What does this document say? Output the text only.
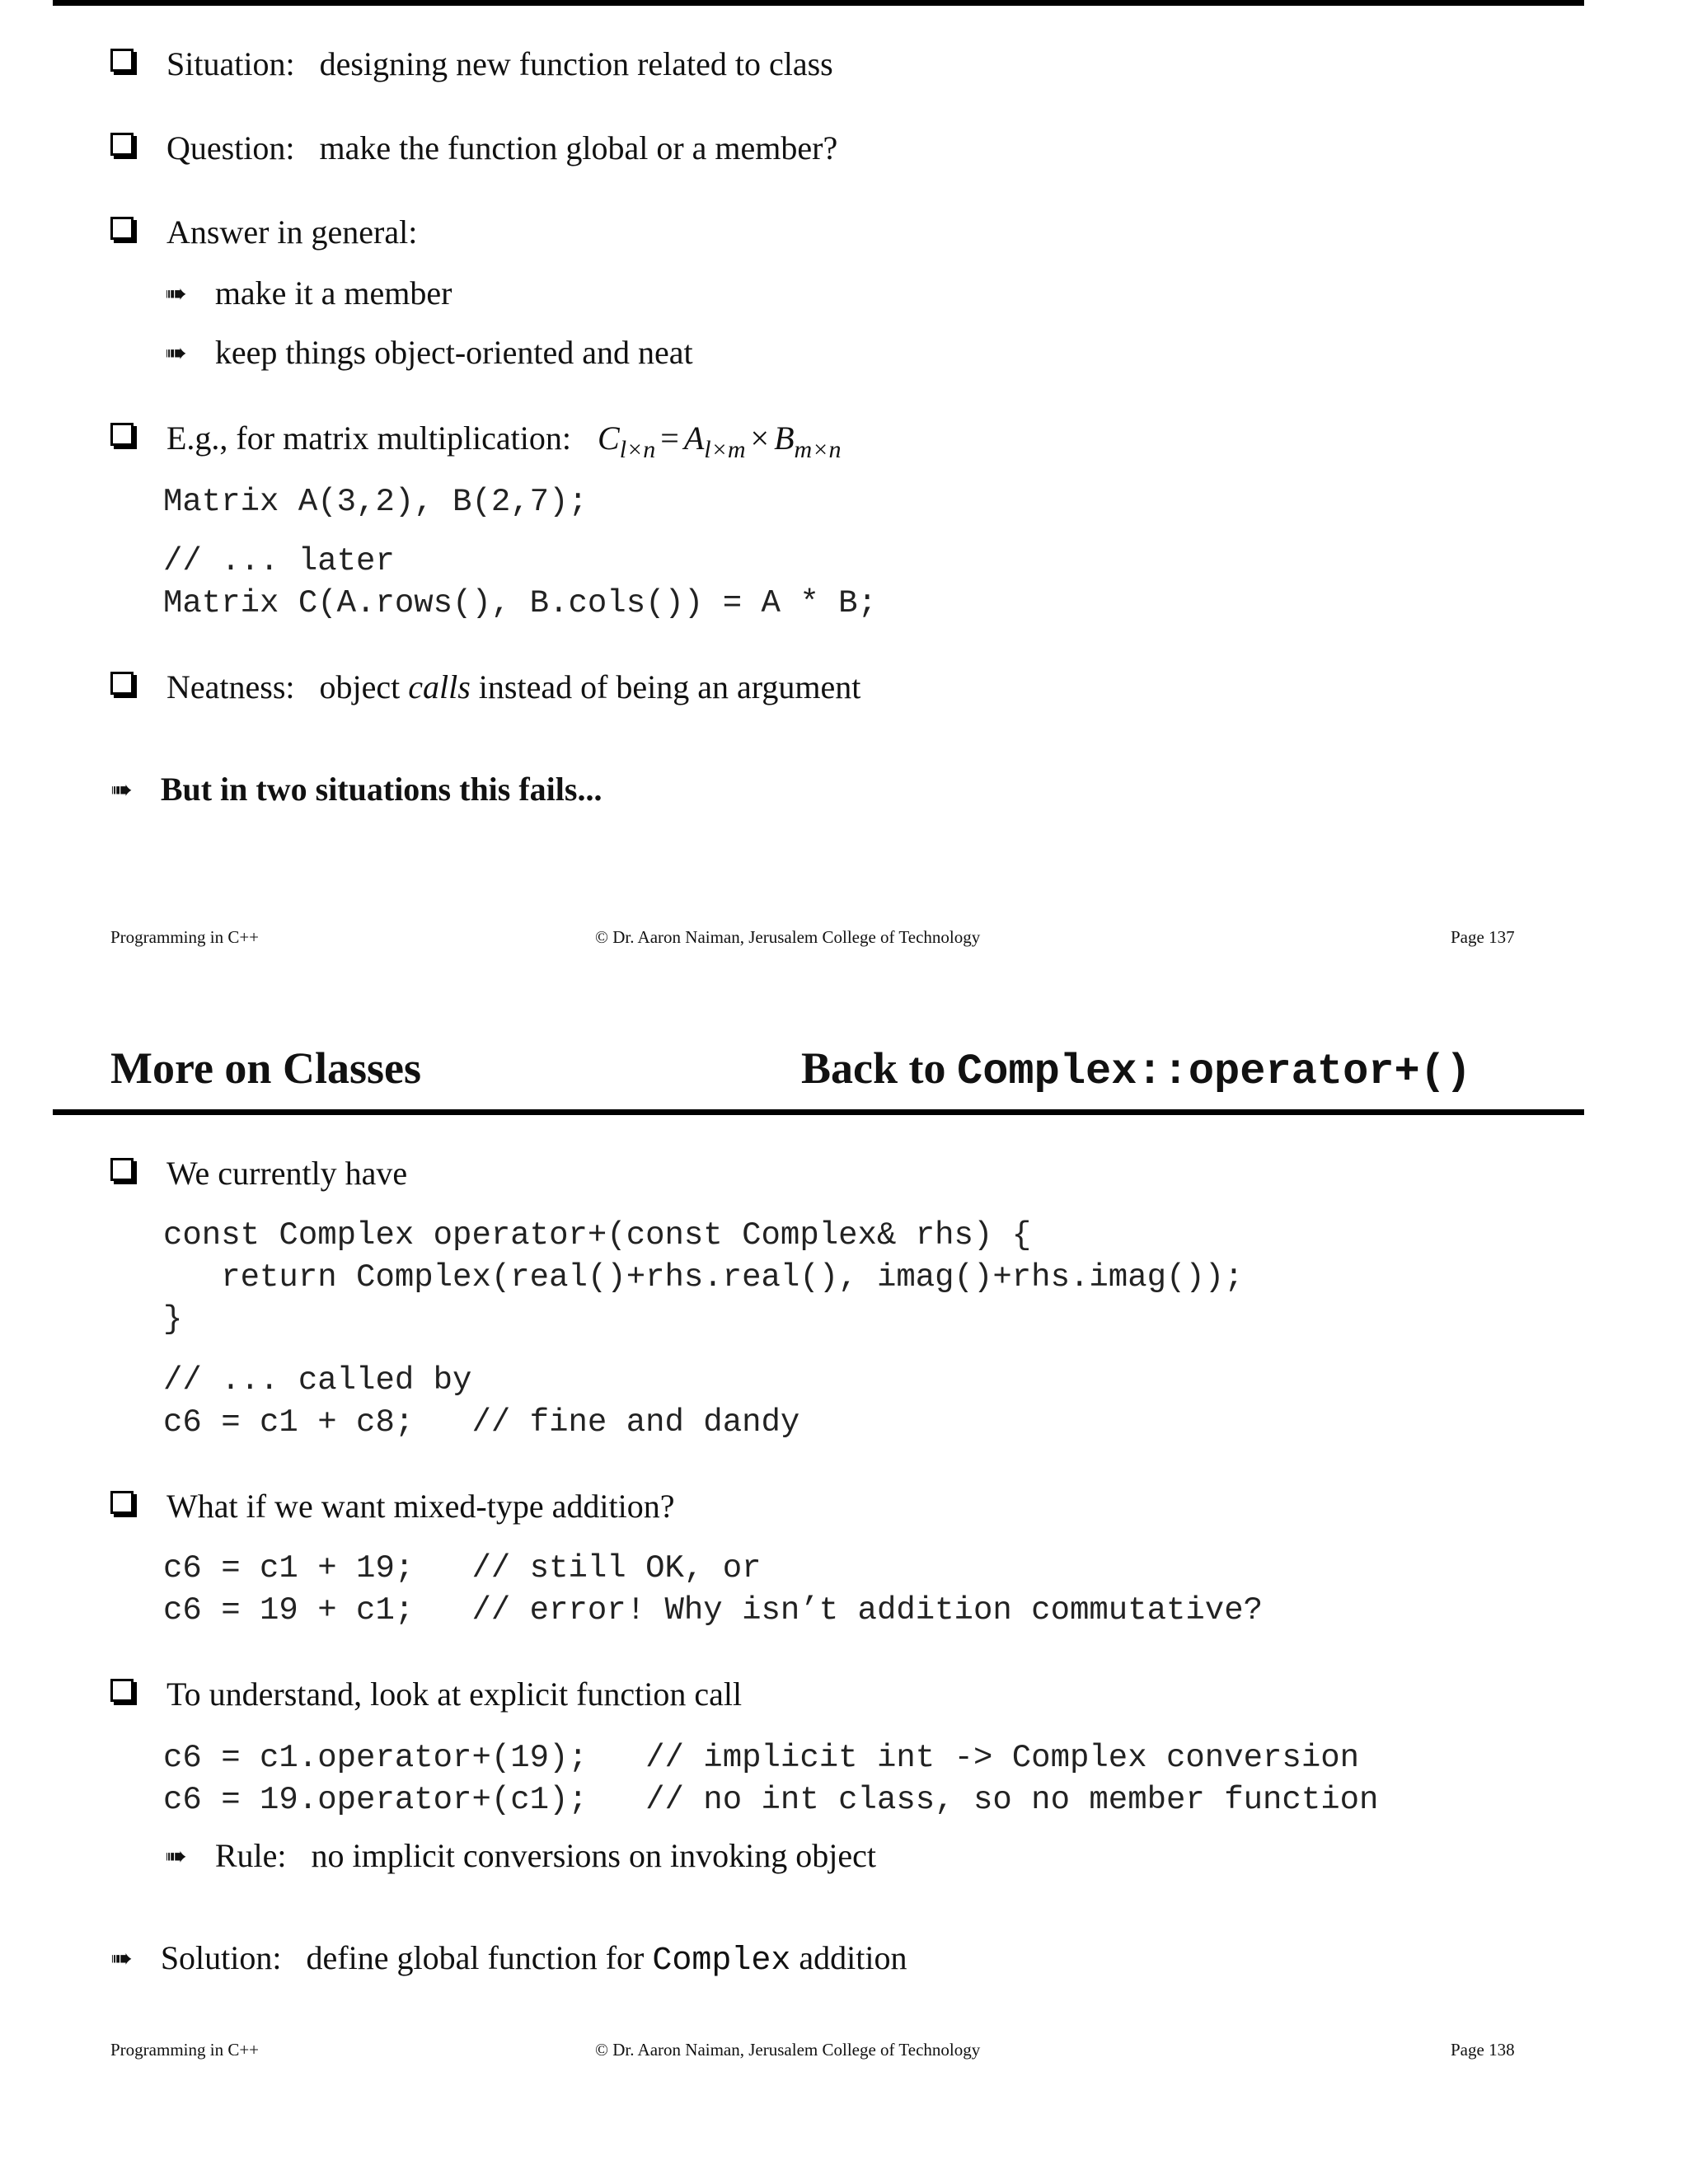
Situation: designing new function related to class
Question: make the function global or a member?
Answer in general:
➠ make it a member
➠ keep things object-oriented and neat
E.g., for matrix multiplication: $C_{l\times n} = A_{l\times m} \times B_{m\times n}$
Matrix A(3,2), B(2,7);
// ... later
Matrix C(A.rows(), B.cols()) = A * B;
Neatness: object
calls
instead of being an argument
➠ But in two situations this fails...
Programming in C++	© Dr. Aaron Naiman, Jerusalem College of Technology	Page 137
More on Classes	Back to Complex::operator+()
We currently have
const Complex operator+(const Complex& rhs) {
return Complex(real()+rhs.real(), imag()+rhs.imag());
}
// ... called by
c6 = c1 + c8;   // fine and dandy
What if we want mixed-type addition?
c6 = c1 + 19;   // still OK, or
c6 = 19 + c1;   // error! Why isn’t addition commutative?
To understand, look at explicit function call
c6 = c1.operator+(19);   // implicit int -> Complex conversion
c6 = 19.operator+(c1);   // no int class, so no member function
➠ Rule: no implicit conversions on invoking object
➠ Solution: define global function for
Complex
addition
Programming in C++	© Dr. Aaron Naiman, Jerusalem College of Technology	Page 138
